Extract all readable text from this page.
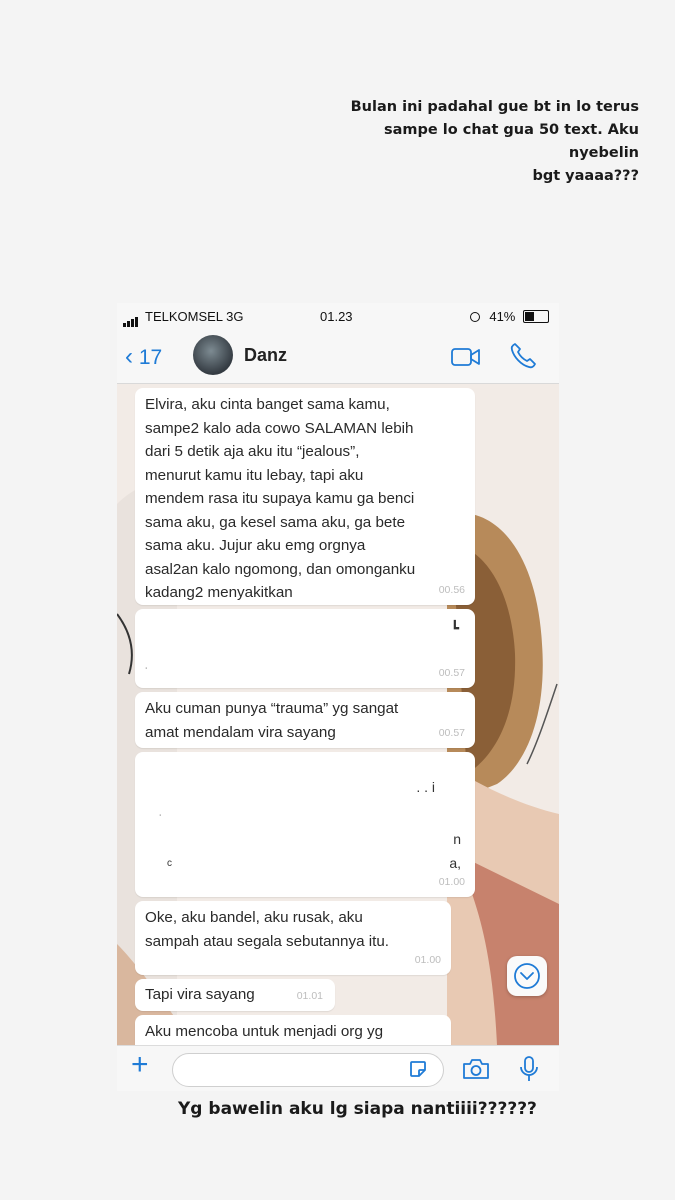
Bulan ini padahal gue bt in lo terus
sampe lo chat gua 50 text. Aku nyebelin
bgt yaaaa???
TELKOMSEL 3G	01.23	41%
‹ 17	Danz
Elvira, aku cinta banget sama kamu,
sampe2 kalo ada cowo SALAMAN lebih
dari 5 detik aja aku itu “jealous”,
menurut kamu itu lebay, tapi aku
mendem rasa itu supaya kamu ga benci
sama aku, ga kesel sama aku, ga bete
sama aku. Jujur aku emg orgnya
asal2an kalo ngomong, dan omonganku
kadang2 menyakitkan	00.56
┗
˙	00.57
Aku cuman punya “trauma” yg sangat
amat mendalam vira sayang	00.57
. . i
˙
n
a,
c
01.00
Oke, aku bandel, aku rusak, aku
sampah atau segala sebutannya itu.
01.00
Tapi vira sayang	01.01
Aku mencoba untuk menjadi org yg
+
Yg bawelin aku lg siapa nantiiii??????
